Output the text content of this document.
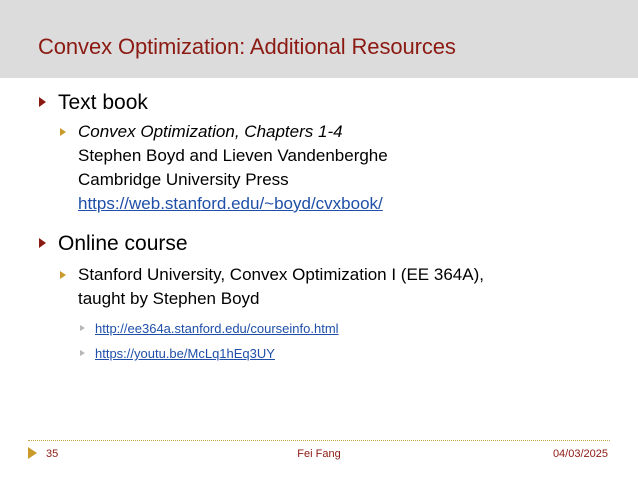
Convex Optimization: Additional Resources
Text book
Convex Optimization, Chapters 1-4
Stephen Boyd and Lieven Vandenberghe
Cambridge University Press
https://web.stanford.edu/~boyd/cvxbook/
Online course
Stanford University, Convex Optimization I (EE 364A),
taught by Stephen Boyd
http://ee364a.stanford.edu/courseinfo.html
https://youtu.be/McLq1hEq3UY
35	Fei Fang	04/03/2025
